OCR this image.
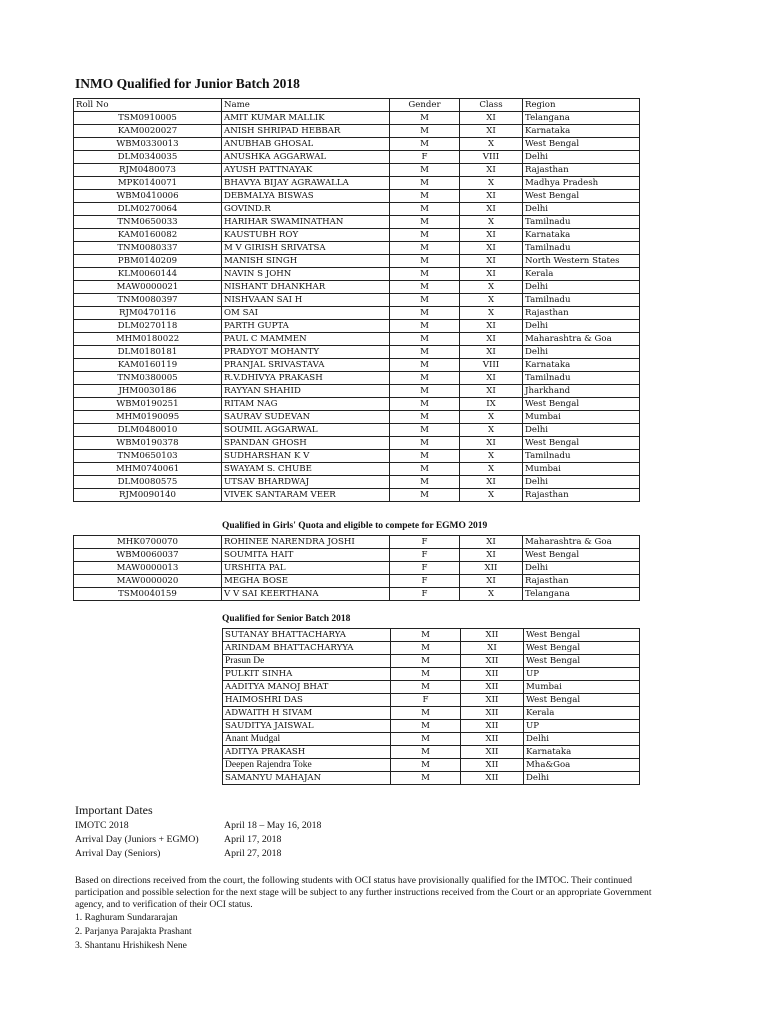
INMO Qualified for Junior Batch 2018
Roll No	Name	Gender	Class	Region
TSM0910005	AMIT KUMAR MALLIK	M	XI	Telangana
KAM0020027	ANISH SHRIPAD HEBBAR	M	XI	Karnataka
WBM0330013	ANUBHAB GHOSAL	M	X	West Bengal
DLM0340035	ANUSHKA AGGARWAL	F	VIII	Delhi
RJM0480073	AYUSH PATTNAYAK	M	XI	Rajasthan
MPK0140071	BHAVYA BIJAY AGRAWALLA	M	X	Madhya Pradesh
WBM0410006	DEBMALYA BISWAS	M	XI	West Bengal
DLM0270064	GOVIND.R	M	XI	Delhi
TNM0650033	HARIHAR SWAMINATHAN	M	X	Tamilnadu
KAM0160082	KAUSTUBH ROY	M	XI	Karnataka
TNM0080337	M V GIRISH SRIVATSA	M	XI	Tamilnadu
PBM0140209	MANISH SINGH	M	XI	North Western States
KLM0060144	NAVIN S JOHN	M	XI	Kerala
MAW0000021	NISHANT DHANKHAR	M	X	Delhi
TNM0080397	NISHVAAN SAI H	M	X	Tamilnadu
RJM0470116	OM SAI	M	X	Rajasthan
DLM0270118	PARTH GUPTA	M	XI	Delhi
MHM0180022	PAUL C MAMMEN	M	XI	Maharashtra & Goa
DLM0180181	PRADYOT MOHANTY	M	XI	Delhi
KAM0160119	PRANJAL SRIVASTAVA	M	VIII	Karnataka
TNM0380005	R.V.DHIVYA PRAKASH	M	XI	Tamilnadu
JHM0030186	RAYYAN SHAHID	M	XI	Jharkhand
WBM0190251	RITAM NAG	M	IX	West Bengal
MHM0190095	SAURAV SUDEVAN	M	X	Mumbai
DLM0480010	SOUMIL AGGARWAL	M	X	Delhi
WBM0190378	SPANDAN GHOSH	M	XI	West Bengal
TNM0650103	SUDHARSHAN K V	M	X	Tamilnadu
MHM0740061	SWAYAM S. CHUBE	M	X	Mumbai
DLM0080575	UTSAV BHARDWAJ	M	XI	Delhi
RJM0090140	VIVEK SANTARAM VEER	M	X	Rajasthan
Qualified in Girls' Quota and eligible to compete for EGMO 2019
MHK0700070	ROHINEE NARENDRA JOSHI	F	XI	Maharashtra & Goa
WBM0060037	SOUMITA HAIT	F	XI	West Bengal
MAW0000013	URSHITA PAL	F	XII	Delhi
MAW0000020	MEGHA BOSE	F	XI	Rajasthan
TSM0040159	V V SAI KEERTHANA	F	X	Telangana
Qualified for Senior Batch 2018
SUTANAY BHATTACHARYA	M	XII	West Bengal
ARINDAM BHATTACHARYYA	M	XI	West Bengal
Prasun De	M	XII	West Bengal
PULKIT SINHA	M	XII	UP
AADITYA MANOJ BHAT	M	XII	Mumbai
HAIMOSHRI DAS	F	XII	West Bengal
ADWAITH H SIVAM	M	XII	Kerala
SAUDITYA JAISWAL	M	XII	UP
Anant Mudgal	M	XII	Delhi
ADITYA PRAKASH	M	XII	Karnataka
Deepen Rajendra Toke	M	XII	Mha&Goa
SAMANYU MAHAJAN	M	XII	Delhi
Important Dates
IMOTC 2018	April 18 – May 16, 2018
Arrival Day (Juniors + EGMO)	April 17, 2018
Arrival Day (Seniors)	April 27, 2018
Based on directions received from the court, the following students with OCI status have provisionally qualified for the IMTOC. Their continued participation and possible selection for the next stage will be subject to any further instructions received from the Court or an appropriate Government agency, and to verification of their OCI status.
1. Raghuram Sundararajan
2. Parjanya Parajakta Prashant
3. Shantanu Hrishikesh Nene
